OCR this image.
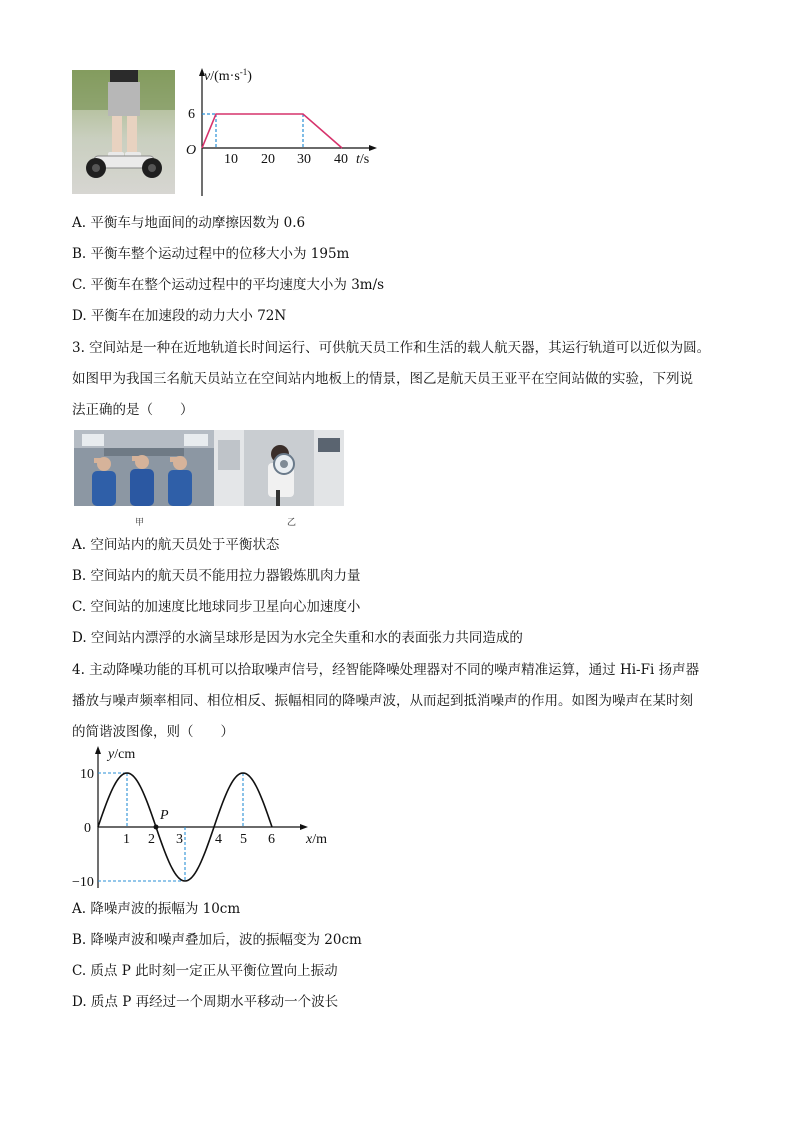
$v/(m\cdot s^{-1})$
6
O
10 20 30 40 t/s
A. 平衡车与地面间的动摩擦因数为 0.6
B. 平衡车整个运动过程中的位移大小为 195m
C. 平衡车在整个运动过程中的平均速度大小为 3m/s
D. 平衡车在加速段的动力大小 72N
3. 空间站是一种在近地轨道长时间运行、可供航天员工作和生活的载人航天器，其运行轨道可以近似为圆。
如图甲为我国三名航天员站立在空间站内地板上的情景，图乙是航天员王亚平在空间站做的实验，下列说
法正确的是（　　）
甲	乙
A. 空间站内的航天员处于平衡状态
B. 空间站内的航天员不能用拉力器锻炼肌肉力量
C. 空间站的加速度比地球同步卫星向心加速度小
D. 空间站内漂浮的水滴呈球形是因为水完全失重和水的表面张力共同造成的
4. 主动降噪功能的耳机可以拾取噪声信号，经智能降噪处理器对不同的噪声精准运算，通过 Hi-Fi 扬声器
播放与噪声频率相同、相位相反、振幅相同的降噪声波，从而起到抵消噪声的作用。如图为噪声在某时刻
的简谐波图像，则（　　）
y/cm
10
0
−10
P
1 2 3 4 5 6 x/m
A. 降噪声波的振幅为 10cm
B. 降噪声波和噪声叠加后，波的振幅变为 20cm
C. 质点 P 此时刻一定正从平衡位置向上振动
D. 质点 P 再经过一个周期水平移动一个波长
